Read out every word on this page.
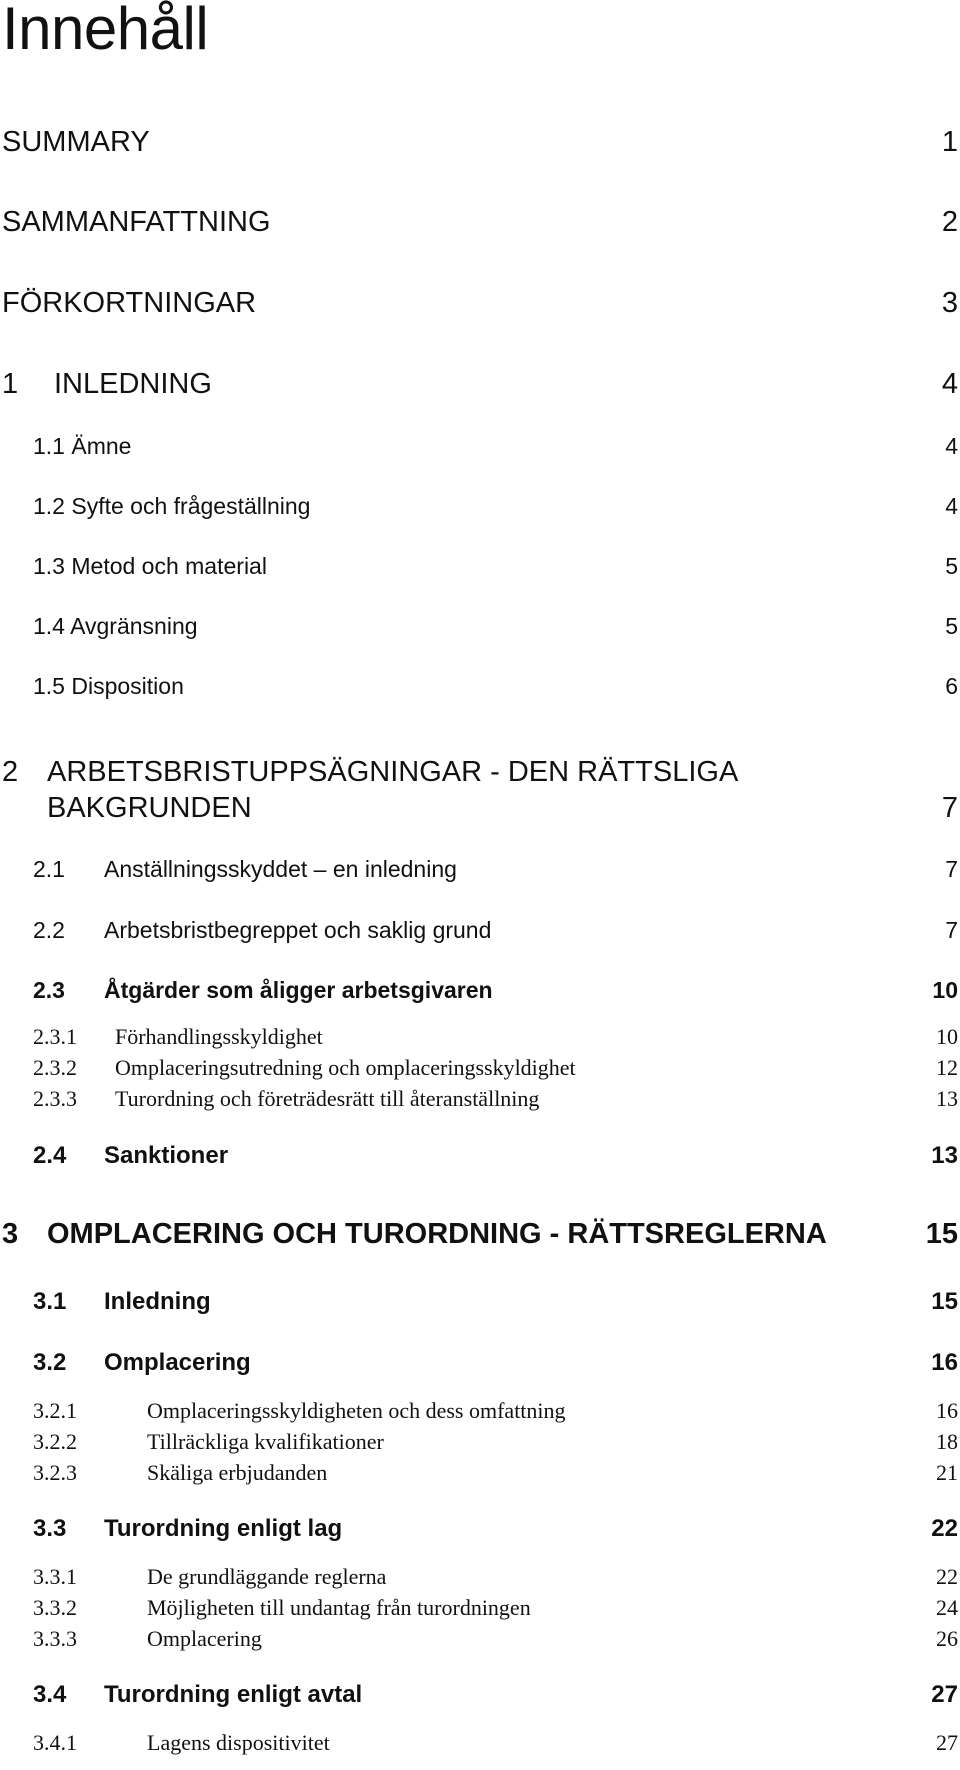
Innehåll
SUMMARY	1
SAMMANFATTNING	2
FÖRKORTNINGAR	3
1 INLEDNING	4
1.1 Ämne	4
1.2 Syfte och frågeställning	4
1.3 Metod och material	5
1.4 Avgränsning	5
1.5 Disposition	6
2 ARBETSBRISTUPPSÄGNINGAR - DEN RÄTTSLIGA
BAKGRUNDEN	7
2.1 Anställningsskyddet – en inledning	7
2.2 Arbetsbristbegreppet och saklig grund	7
2.3 Åtgärder som åligger arbetsgivaren	10
2.3.1 Förhandlingsskyldighet	10
2.3.2 Omplaceringsutredning och omplaceringsskyldighet	12
2.3.3 Turordning och företrädesrätt till återanställning	13
2.4 Sanktioner	13
3 OMPLACERING OCH TURORDNING - RÄTTSREGLERNA	15
3.1 Inledning	15
3.2 Omplacering	16
3.2.1	Omplaceringsskyldigheten och dess omfattning	16
3.2.2	Tillräckliga kvalifikationer	18
3.2.3	Skäliga erbjudanden	21
3.3 Turordning enligt lag	22
3.3.1	De grundläggande reglerna	22
3.3.2	Möjligheten till undantag från turordningen	24
3.3.3	Omplacering	26
3.4 Turordning enligt avtal	27
3.4.1	Lagens dispositivitet	27
